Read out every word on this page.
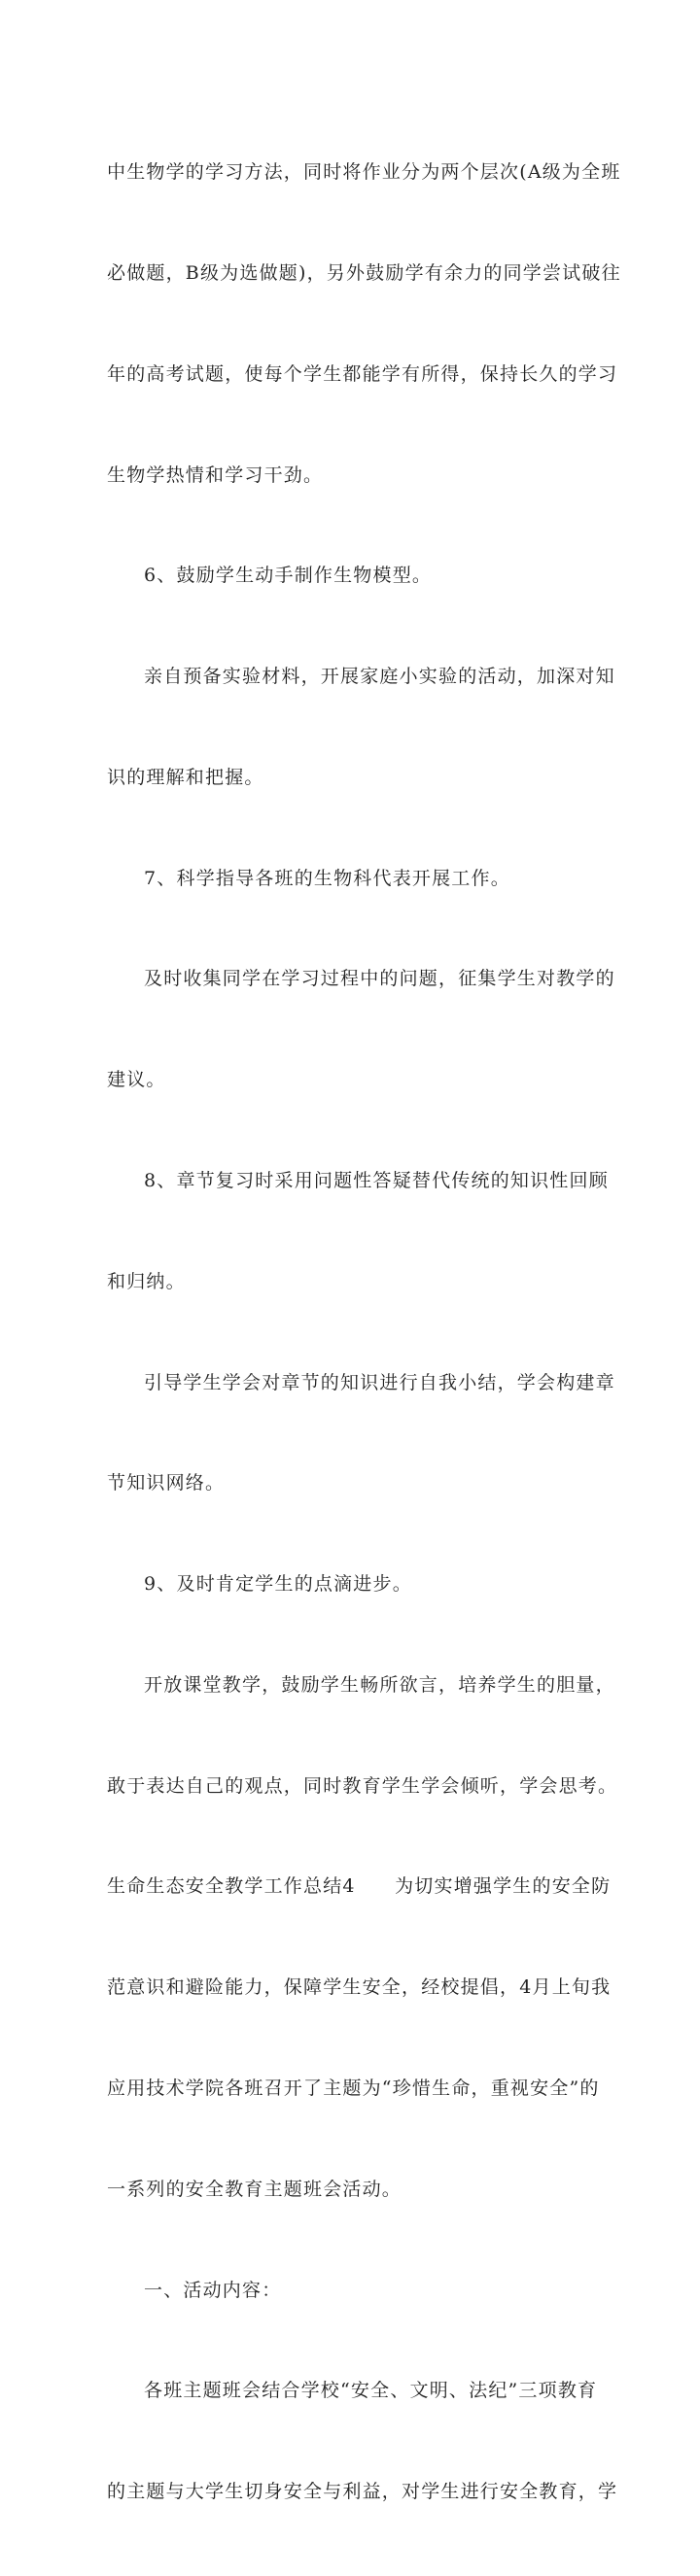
中生物学的学习方法，同时将作业分为两个层次(A级为全班

必做题，B级为选做题)，另外鼓励学有余力的同学尝试破往

年的高考试题，使每个学生都能学有所得，保持长久的学习

生物学热情和学习干劲。

6、鼓励学生动手制作生物模型。

亲自预备实验材料，开展家庭小实验的活动，加深对知

识的理解和把握。

7、科学指导各班的生物科代表开展工作。

及时收集同学在学习过程中的问题，征集学生对教学的

建议。

8、章节复习时采用问题性答疑替代传统的知识性回顾

和归纳。

引导学生学会对章节的知识进行自我小结，学会构建章

节知识网络。

9、及时肯定学生的点滴进步。

开放课堂教学，鼓励学生畅所欲言，培养学生的胆量，

敢于表达自己的观点，同时教育学生学会倾听，学会思考。

生命生态安全教学工作总结4　　为切实增强学生的安全防

范意识和避险能力，保障学生安全，经校提倡，4月上旬我

应用技术学院各班召开了主题为“珍惜生命，重视安全”的

一系列的安全教育主题班会活动。

一、活动内容：

各班主题班会结合学校“安全、文明、法纪”三项教育

的主题与大学生切身安全与利益，对学生进行安全教育，学
